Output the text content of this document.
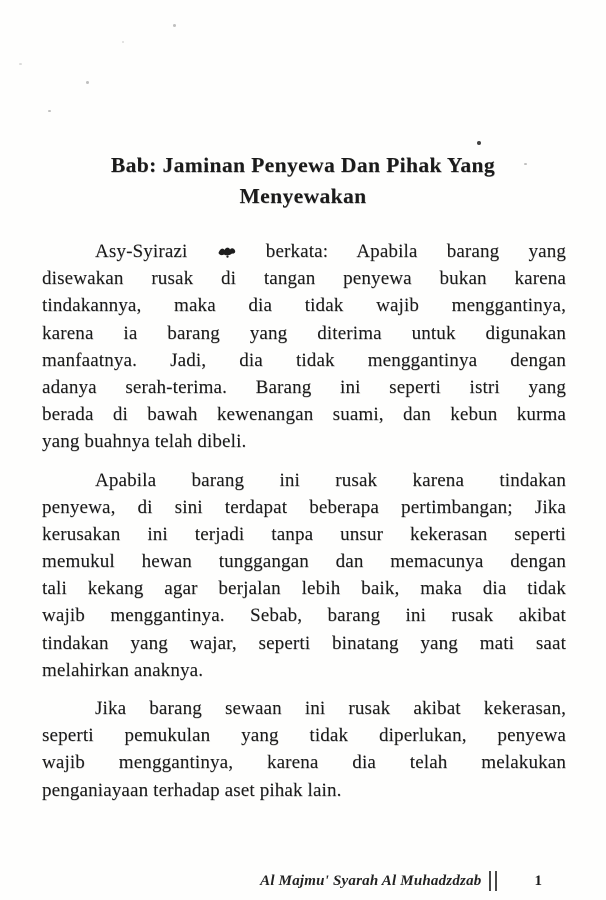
Bab: Jaminan Penyewa Dan Pihak Yang
Menyewakan
Asy-Syirazi	berkata: Apabila barang yang
disewakan rusak di tangan penyewa bukan karena
tindakannya, maka dia tidak wajib menggantinya,
karena ia barang yang diterima untuk digunakan
manfaatnya. Jadi, dia tidak menggantinya dengan
adanya serah-terima. Barang ini seperti istri yang
berada di bawah kewenangan suami, dan kebun kurma
yang buahnya telah dibeli.
Apabila barang ini rusak karena tindakan
penyewa, di sini terdapat beberapa pertimbangan; Jika
kerusakan ini terjadi tanpa unsur kekerasan seperti
memukul hewan tunggangan dan memacunya dengan
tali kekang agar berjalan lebih baik, maka dia tidak
wajib menggantinya. Sebab, barang ini rusak akibat
tindakan yang wajar, seperti binatang yang mati saat
melahirkan anaknya.
Jika barang sewaan ini rusak akibat kekerasan,
seperti pemukulan yang tidak diperlukan, penyewa
wajib menggantinya, karena dia telah melakukan
penganiayaan terhadap aset pihak lain.
Al Majmu' Syarah Al Muhadzdzab	1
